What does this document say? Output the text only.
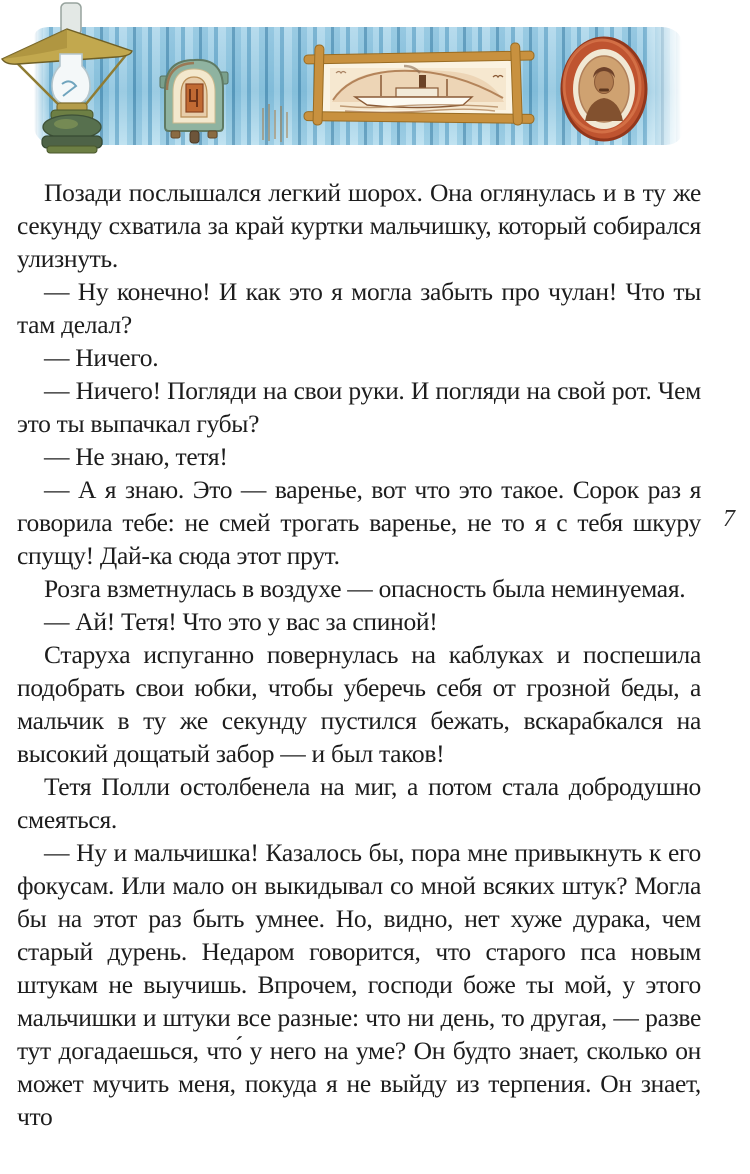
Позади послышался легкий шорох. Она оглянулась и в ту же секунду схватила за край куртки мальчишку, который собирался улизнуть.

— Ну конечно! И как это я могла забыть про чулан! Что ты там делал?

— Ничего.

— Ничего! Погляди на свои руки. И погляди на свой рот. Чем это ты выпачкал губы?

— Не знаю, тетя!

— А я знаю. Это — варенье, вот что это такое. Сорок раз я говорила тебе: не смей трогать варенье, не то я с тебя шкуру спущу! Дай-ка сюда этот прут.

Розга взметнулась в воздухе — опасность была неминуемая.

— Ай! Тетя! Что это у вас за спиной!

Старуха испуганно повернулась на каблуках и поспешила подобрать свои юбки, чтобы уберечь себя от грозной беды, а мальчик в ту же секунду пустился бежать, вскарабкался на высокий дощатый забор — и был таков!

Тетя Полли остолбенела на миг, а потом стала добродушно смеяться.

— Ну и мальчишка! Казалось бы, пора мне привыкнуть к его фокусам. Или мало он выкидывал со мной всяких штук? Могла бы на этот раз быть умнее. Но, видно, нет хуже дурака, чем старый дурень. Недаром говорится, что старого пса новым штукам не выучишь. Впрочем, господи боже ты мой, у этого мальчишки и штуки все разные: что ни день, то другая, — разве тут догадаешься, что́ у него на уме? Он будто знает, сколько он может мучить меня, покуда я не выйду из терпения. Он знает, что

7
